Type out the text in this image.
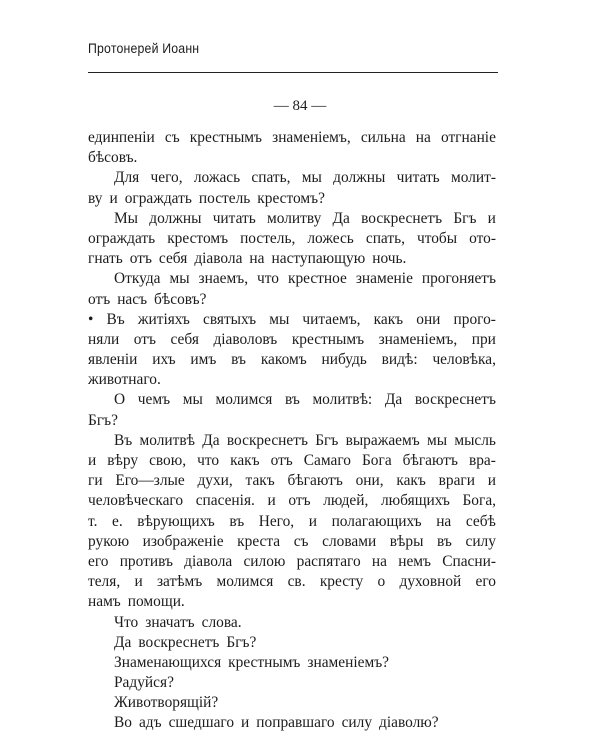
Протонерей Иоанн
— 84 —
единпеніи съ крестнымъ знаменіемъ, сильна на отгнаніе
бѣсовъ.
Для чего, ложась спать, мы должны читать молит-
ву и ограждать постель крестомъ?
Мы должны читать молитву Да воскреснетъ Бгъ и
ограждать крестомъ постель, ложесь спать, чтобы ото-
гнать отъ себя діавола на наступающую ночь.
Откуда мы знаемъ, что крестное знаменіе прогоняетъ
отъ насъ бѣсовъ?
• Въ житіяхъ святыхъ мы читаемъ, какъ они прого-
няли отъ себя діаволовъ крестнымъ знаменіемъ, при
явленіи ихъ имъ въ какомъ нибудь видѣ: человѣка,
животнаго.
О чемъ мы молимся въ молитвѣ: Да воскреснетъ
Бгъ?
Въ молитвѣ Да воскреснетъ Бгъ выражаемъ мы мысль
и вѣру свою, что какъ отъ Самаго Бога бѣгаютъ вра-
ги Его—злые духи, такъ бѣгаютъ они, какъ враги и
человѣческаго спасенія. и отъ людей, любящихъ Бога,
т. е. вѣрующихъ въ Него, и полагающихъ на себѣ
рукою изображеніе креста съ словами вѣры въ силу
его противъ діавола силою распятаго на немъ Спасни-
теля, и затѣмъ молимся св. кресту о духовной его
намъ помощи.
Что значатъ слова.
Да воскреснетъ Бгъ?
Знаменающихся крестнымъ знаменіемъ?
Радуйся?
Животворящій?
Во адъ сшедшаго и поправшаго силу діаволю?
